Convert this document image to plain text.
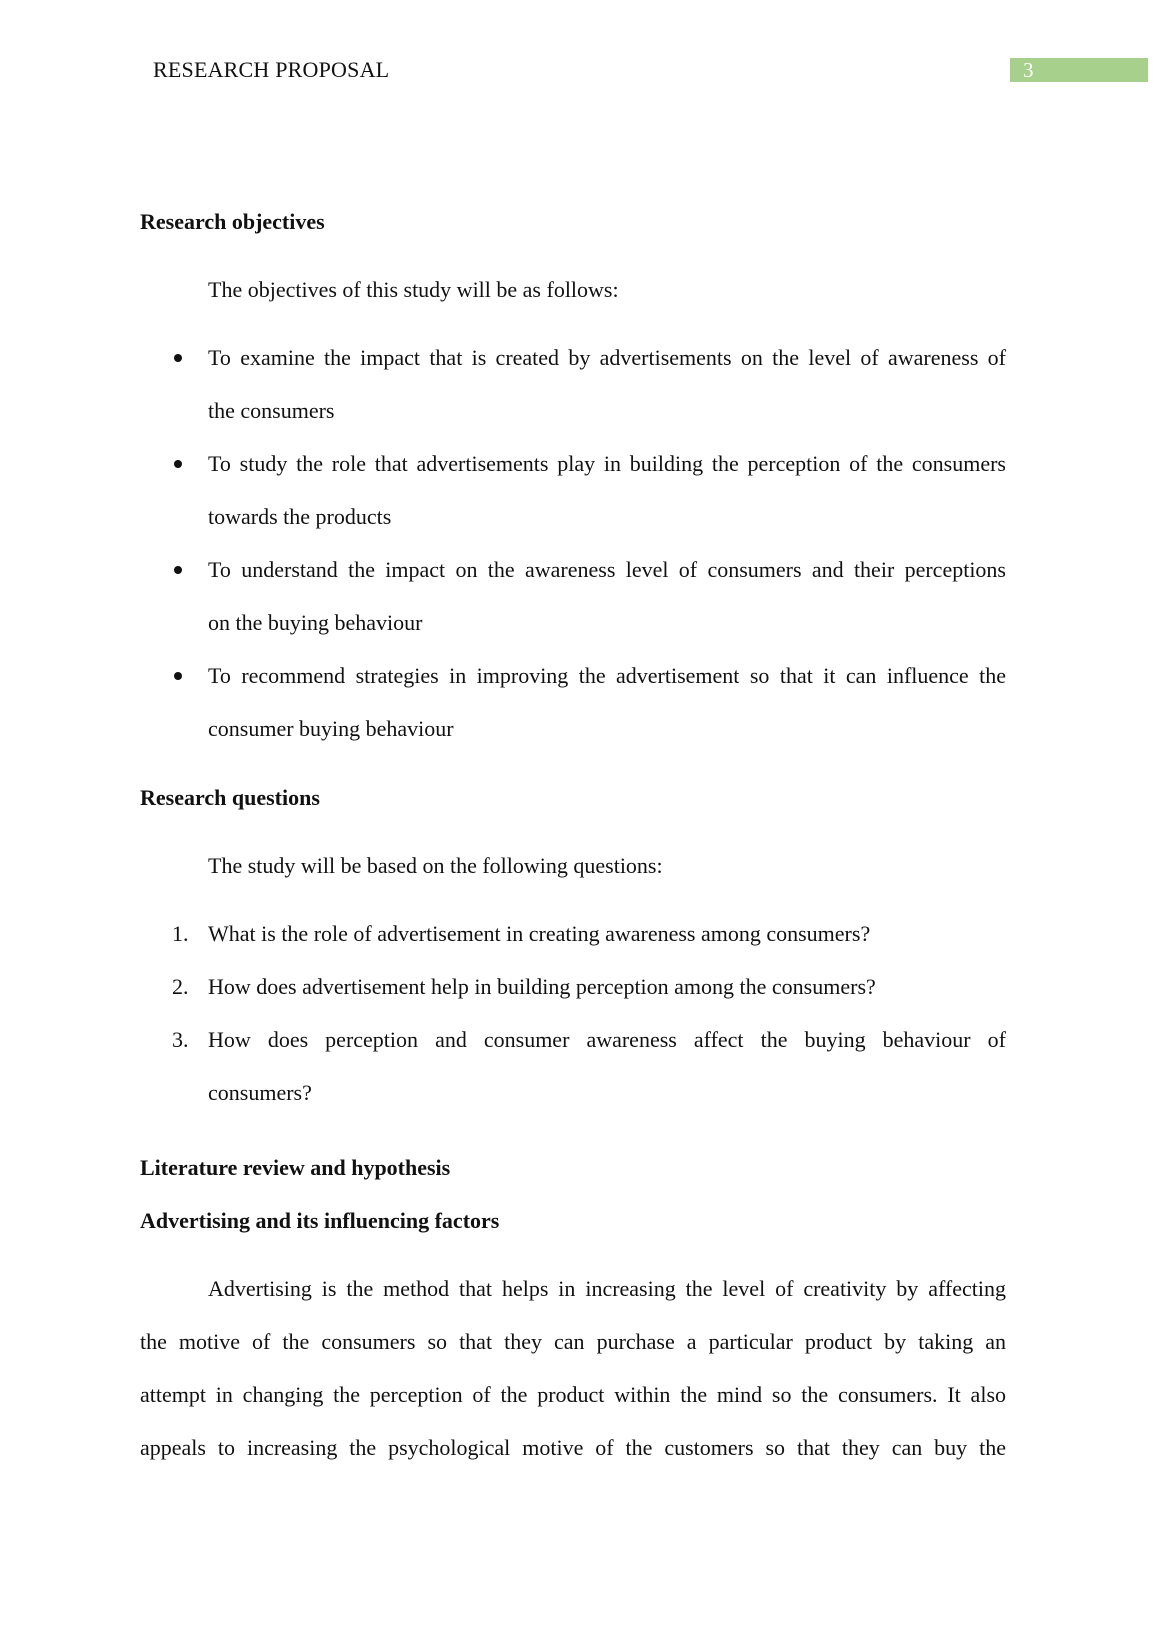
RESEARCH PROPOSAL	3
Research objectives
The objectives of this study will be as follows:
To examine the impact that is created by advertisements on the level of awareness of
the consumers
To study the role that advertisements play in building the perception of the consumers
towards the products
To understand the impact on the awareness level of consumers and their perceptions
on the buying behaviour
To recommend strategies in improving the advertisement so that it can influence the
consumer buying behaviour
Research questions
The study will be based on the following questions:
1. What is the role of advertisement in creating awareness among consumers?
2. How does advertisement help in building perception among the consumers?
3. How does perception and consumer awareness affect the buying behaviour of
consumers?
Literature review and hypothesis
Advertising and its influencing factors
Advertising is the method that helps in increasing the level of creativity by affecting
the motive of the consumers so that they can purchase a particular product by taking an
attempt in changing the perception of the product within the mind so the consumers. It also
appeals to increasing the psychological motive of the customers so that they can buy the
